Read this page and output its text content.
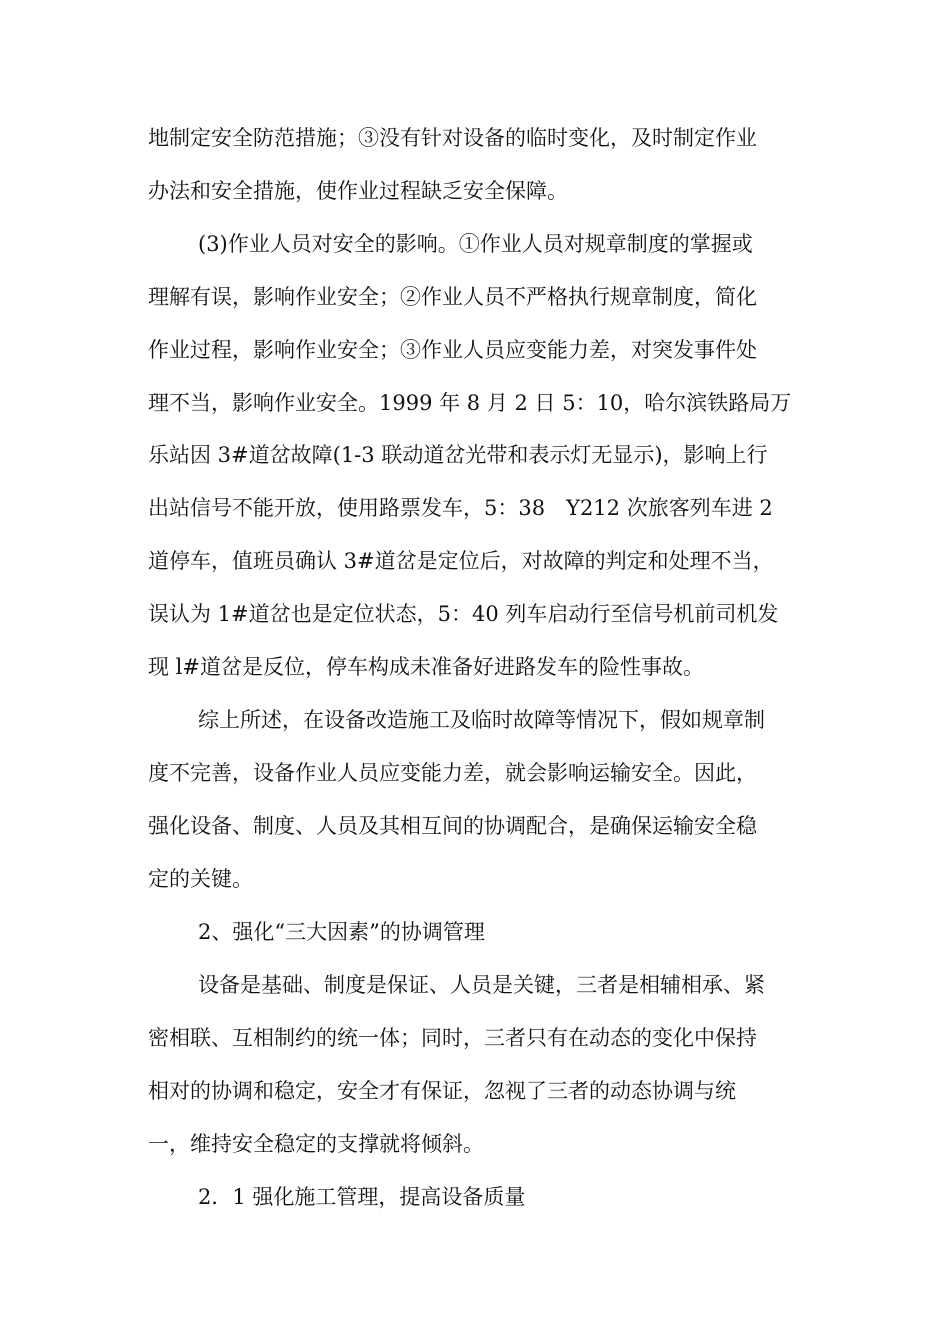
地制定安全防范措施；③没有针对设备的临时变化，及时制定作业
办法和安全措施，使作业过程缺乏安全保障。
(3)作业人员对安全的影响。①作业人员对规章制度的掌握或
理解有误，影响作业安全；②作业人员不严格执行规章制度，简化
作业过程，影响作业安全；③作业人员应变能力差，对突发事件处
理不当，影响作业安全。1999 年 8 月 2 日 5：10，哈尔滨铁路局万
乐站因 3#道岔故障(1-3 联动道岔光带和表示灯无显示)，影响上行
出站信号不能开放，使用路票发车，5：38　Y212 次旅客列车进 2
道停车，值班员确认 3#道岔是定位后，对故障的判定和处理不当，
误认为 1#道岔也是定位状态，5：40 列车启动行至信号机前司机发
现 l#道岔是反位，停车构成未准备好进路发车的险性事故。
综上所述，在设备改造施工及临时故障等情况下，假如规章制
度不完善，设备作业人员应变能力差，就会影响运输安全。因此，
强化设备、制度、人员及其相互间的协调配合，是确保运输安全稳
定的关键。
2、强化“三大因素”的协调管理
设备是基础、制度是保证、人员是关键，三者是相辅相承、紧
密相联、互相制约的统一体；同时，三者只有在动态的变化中保持
相对的协调和稳定，安全才有保证，忽视了三者的动态协调与统
一，维持安全稳定的支撑就将倾斜。
2．1 强化施工管理，提高设备质量
